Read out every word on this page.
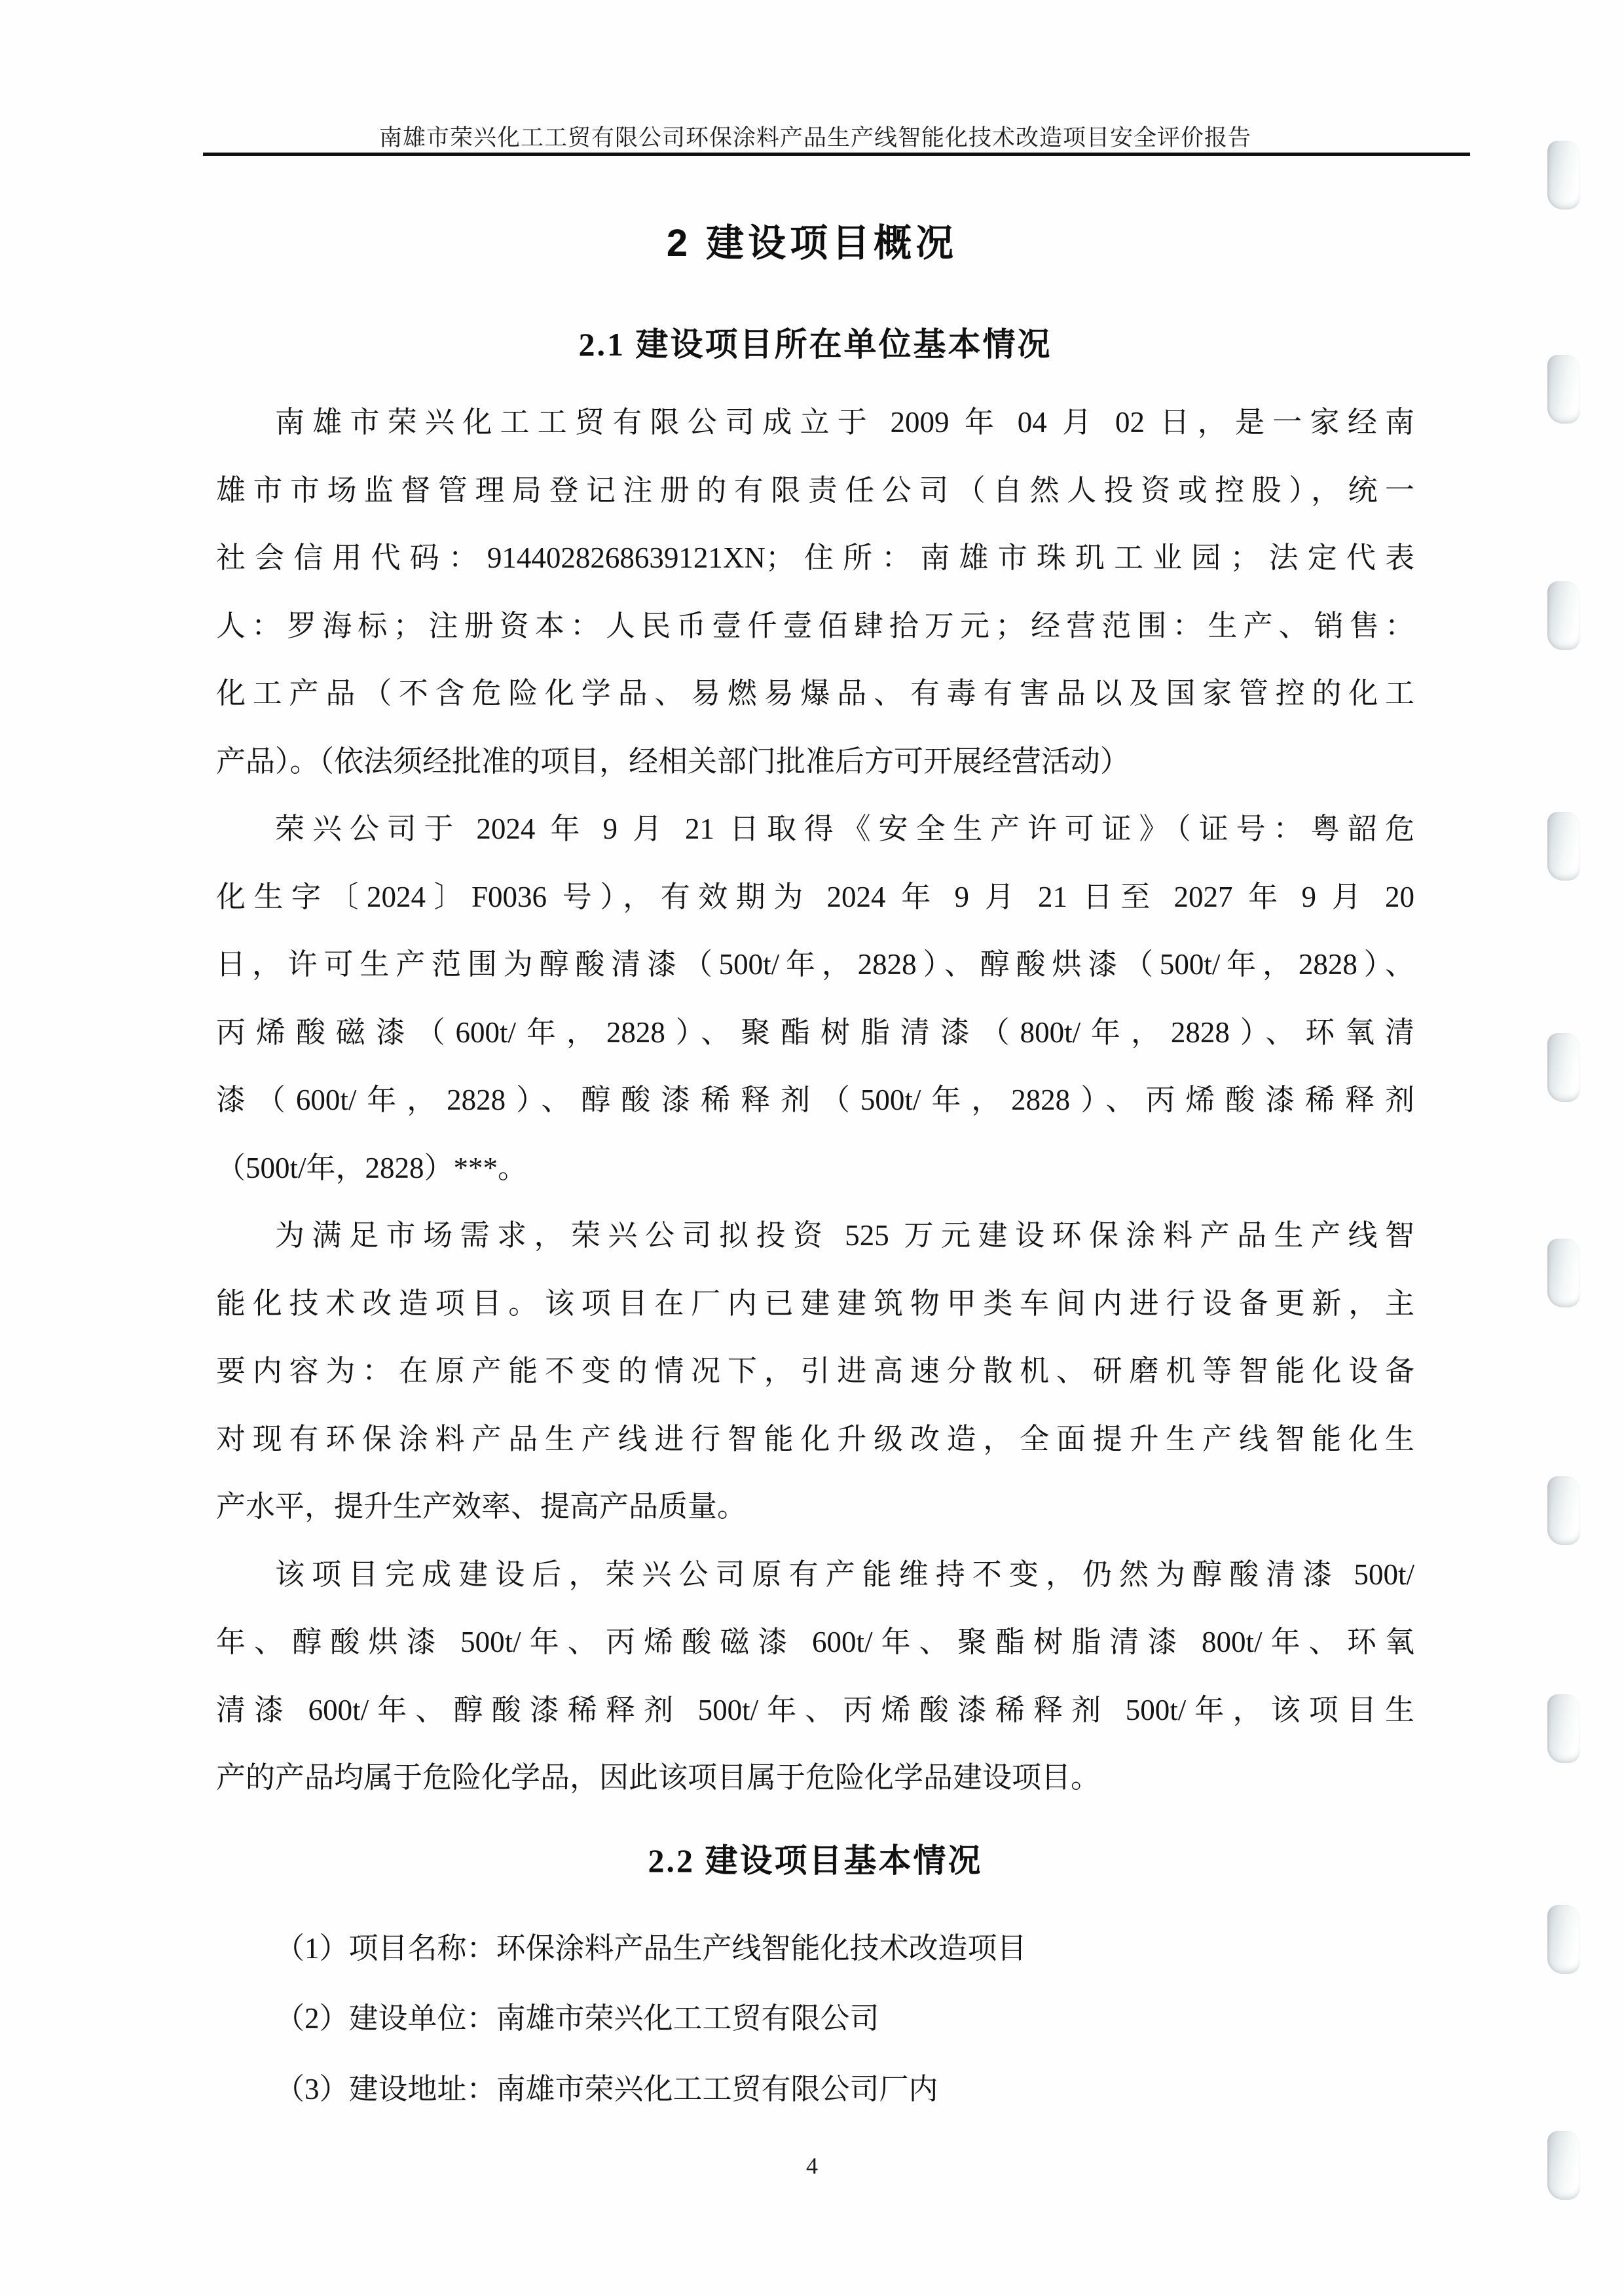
南雄市荣兴化工工贸有限公司环保涂料产品生产线智能化技术改造项目安全评价报告
2 建设项目概况
2.1 建设项目所在单位基本情况
南雄市荣兴化工工贸有限公司成立于 2009 年 04 月 02 日，是一家经南
雄市市场监督管理局登记注册的有限责任公司（自然人投资或控股），统一
社会信用代码：9144028268639121XN；住所：南雄市珠玑工业园；法定代表
人：罗海标；注册资本：人民币壹仟壹佰肆拾万元；经营范围：生产、销售：
化工产品（不含危险化学品、易燃易爆品、有毒有害品以及国家管控的化工
产品）。（依法须经批准的项目，经相关部门批准后方可开展经营活动）
荣兴公司于 2024 年 9 月 21 日取得《安全生产许可证》（证号：粤韶危
化生字〔2024〕F0036 号），有效期为 2024 年 9 月 21 日至 2027 年 9 月 20
日，许可生产范围为醇酸清漆（500t/年，2828）、醇酸烘漆（500t/年，2828）、
丙烯酸磁漆（600t/年，2828）、聚酯树脂清漆（800t/年，2828）、环氧清
漆（600t/年，2828）、醇酸漆稀释剂（500t/年，2828）、丙烯酸漆稀释剂
（500t/年，2828）***。
为满足市场需求，荣兴公司拟投资 525 万元建设环保涂料产品生产线智
能化技术改造项目。该项目在厂内已建建筑物甲类车间内进行设备更新，主
要内容为：在原产能不变的情况下，引进高速分散机、研磨机等智能化设备
对现有环保涂料产品生产线进行智能化升级改造，全面提升生产线智能化生
产水平，提升生产效率、提高产品质量。
该项目完成建设后，荣兴公司原有产能维持不变，仍然为醇酸清漆 500t/
年、醇酸烘漆 500t/年、丙烯酸磁漆 600t/年、聚酯树脂清漆 800t/年、环氧
清漆 600t/年、醇酸漆稀释剂 500t/年、丙烯酸漆稀释剂 500t/年，该项目生
产的产品均属于危险化学品，因此该项目属于危险化学品建设项目。
2.2 建设项目基本情况
（1）项目名称：环保涂料产品生产线智能化技术改造项目
（2）建设单位：南雄市荣兴化工工贸有限公司
（3）建设地址：南雄市荣兴化工工贸有限公司厂内
4
